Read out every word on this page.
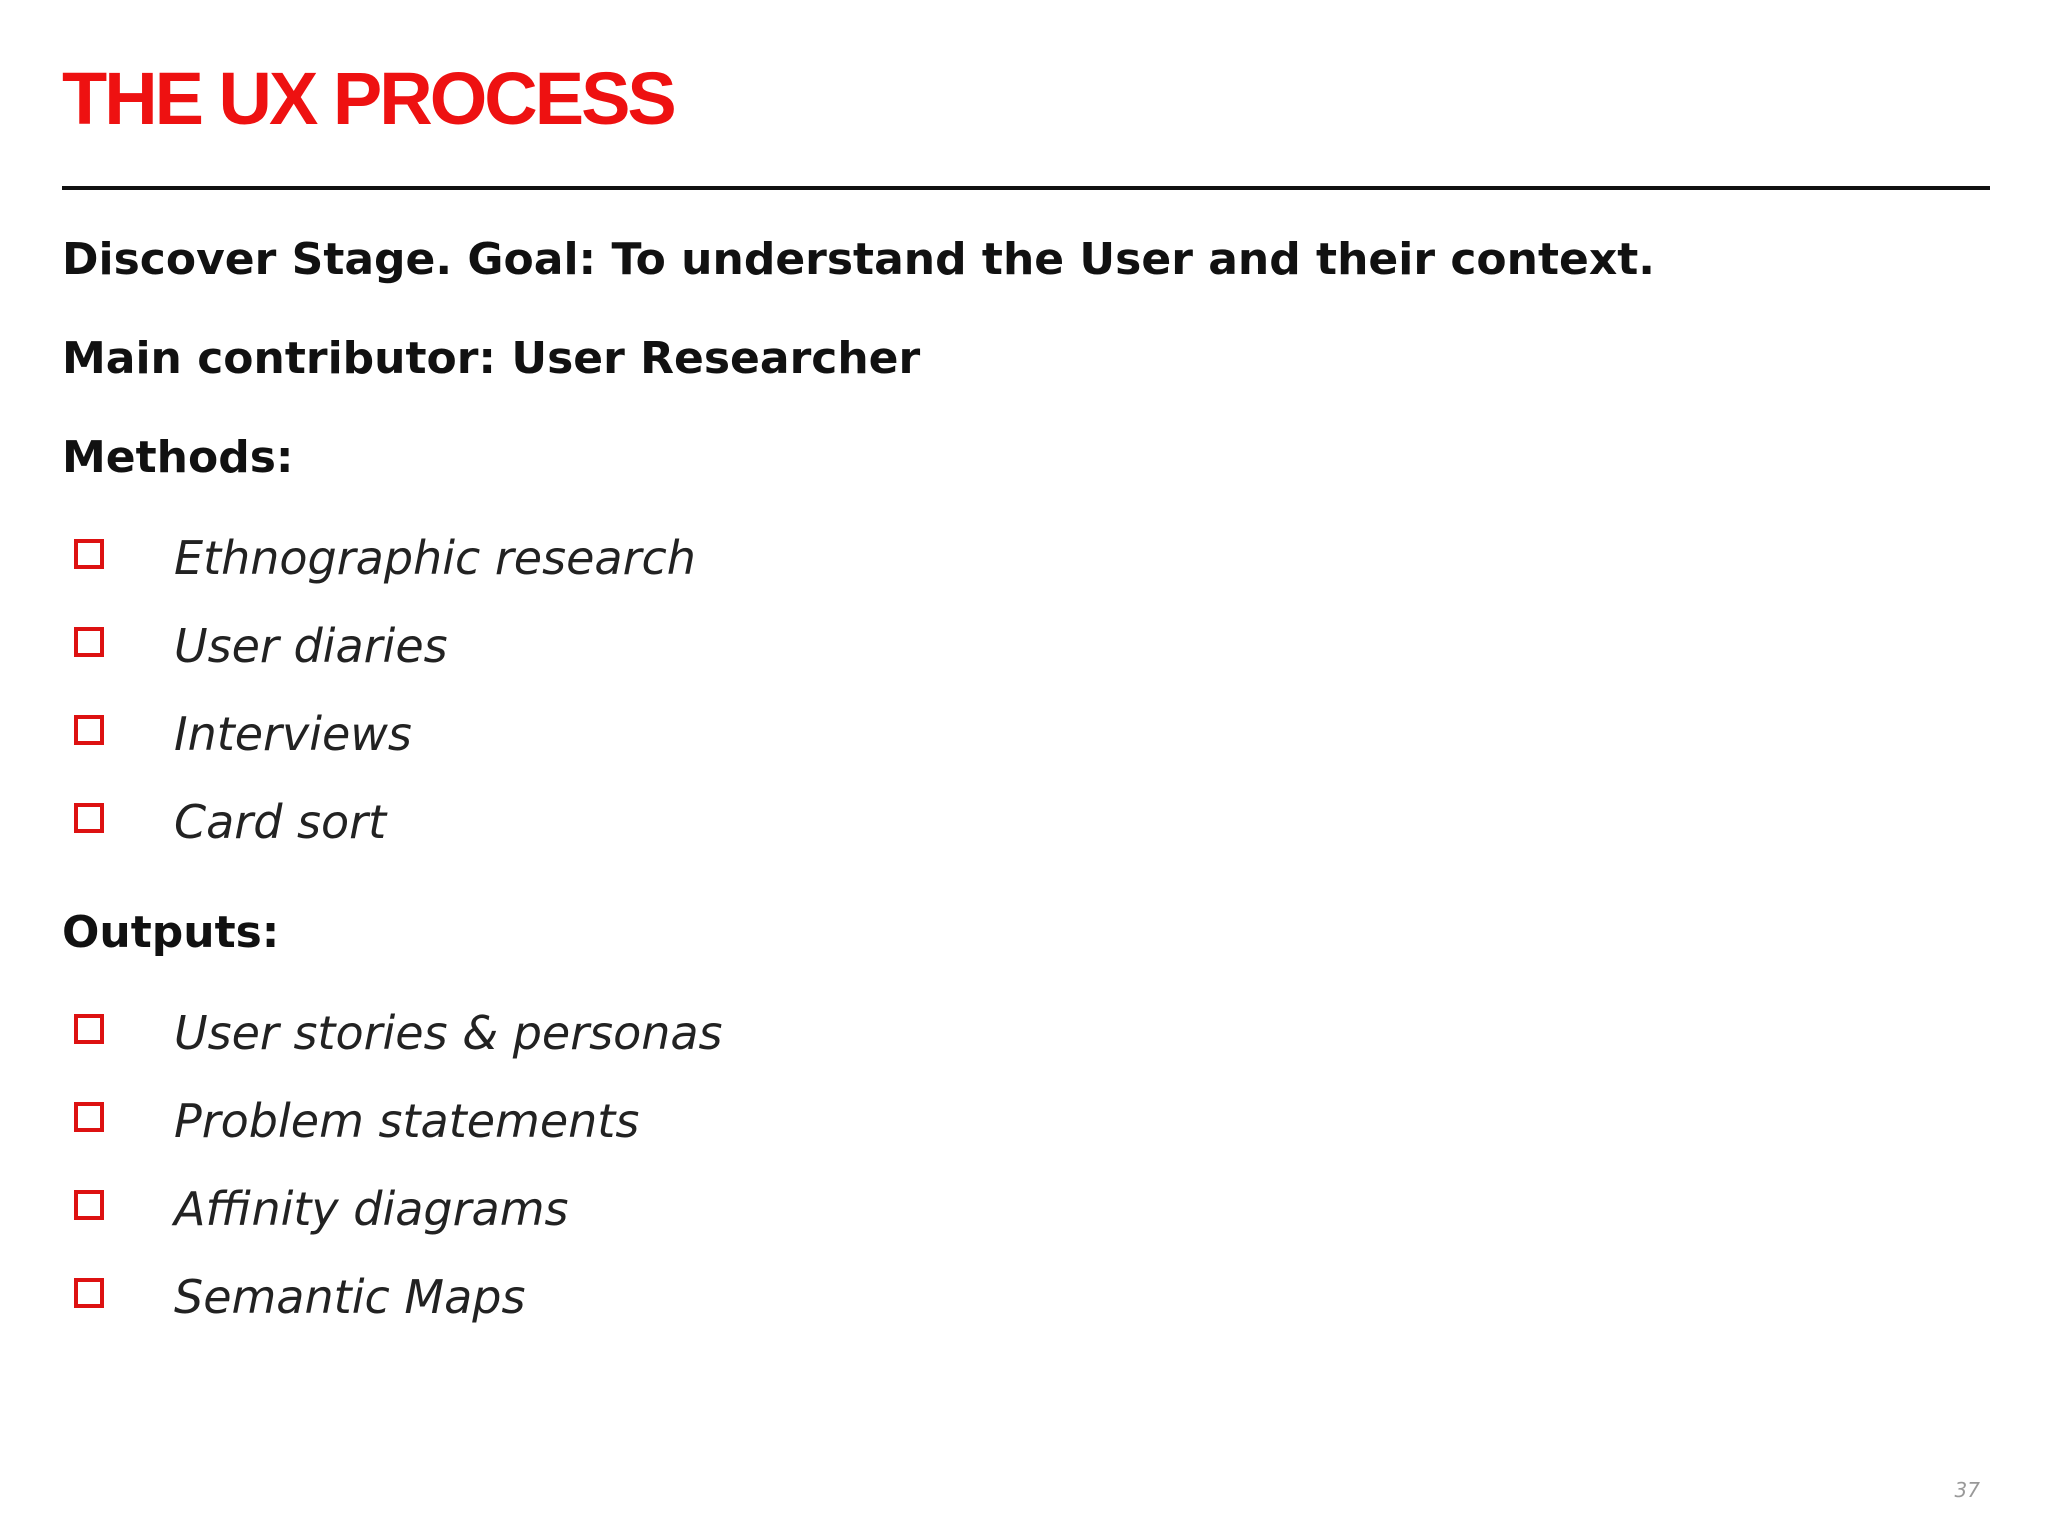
THE UX PROCESS
Discover Stage. Goal: To understand the User and their context.
Main contributor: User Researcher
Methods:
Ethnographic research
User diaries
Interviews
Card sort
Outputs:
User stories & personas
Problem statements
Affinity diagrams
Semantic Maps
37
